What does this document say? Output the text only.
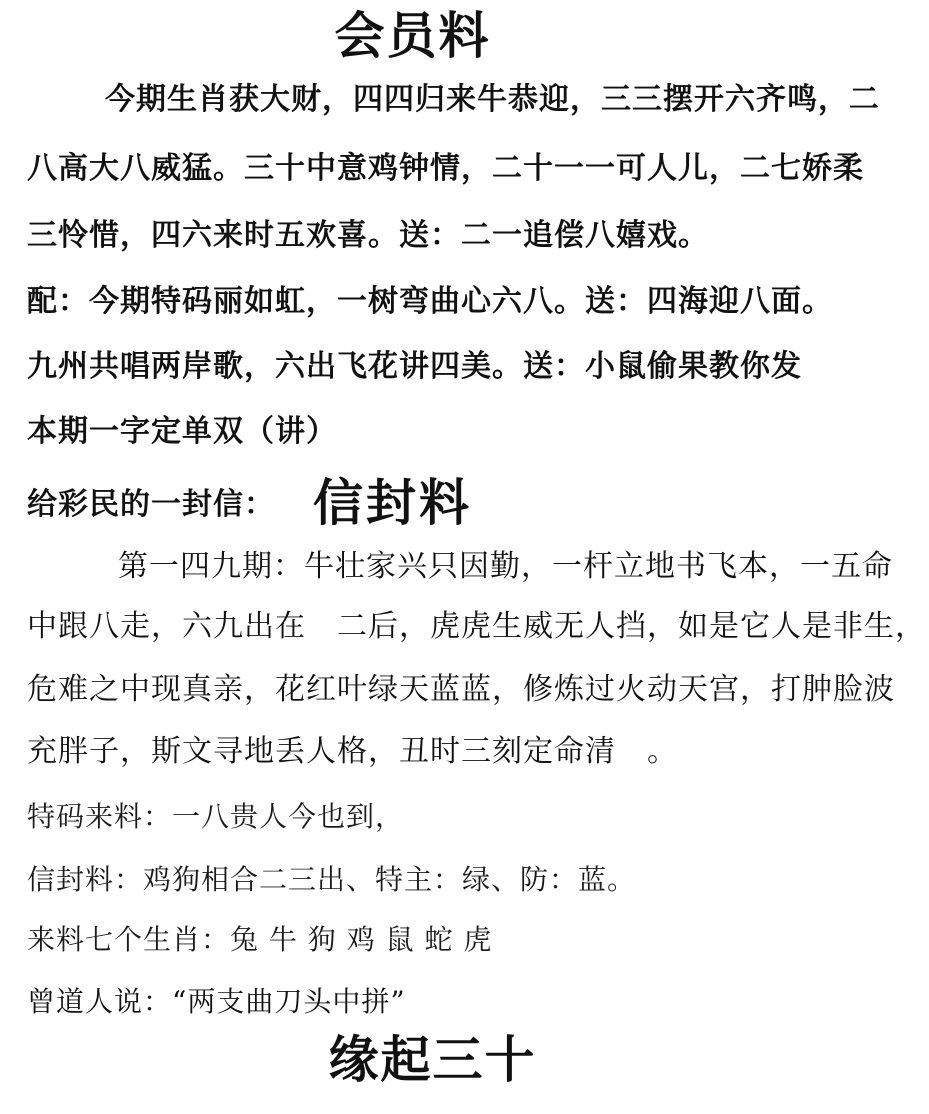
会员料
今期生肖获大财，四四归来牛恭迎，三三摆开六齐鸣，二
八高大八威猛。三十中意鸡钟情，二十一一可人儿，二七娇柔
三怜惜，四六来时五欢喜。送：二一追偿八嬉戏。
配：今期特码丽如虹，一树弯曲心六八。送：四海迎八面。
九州共唱两岸歌，六出飞花讲四美。送：小鼠偷果教你发
本期一字定单双（讲）
给彩民的一封信： 信封料
第一四九期：牛壮家兴只因勤，一杆立地书飞本，一五命
中跟八走，六九出在　二后，虎虎生威无人挡，如是它人是非生，
危难之中现真亲，花红叶绿天蓝蓝，修炼过火动天宫，打肿脸波
充胖子，斯文寻地丢人格，丑时三刻定命清　。
特码来料：一八贵人今也到，
信封料：鸡狗相合二三出、特主：绿、防：蓝。
来料七个生肖：兔 牛 狗 鸡 鼠 蛇 虎
曾道人说：“两支曲刀头中拼”
缘起三十
